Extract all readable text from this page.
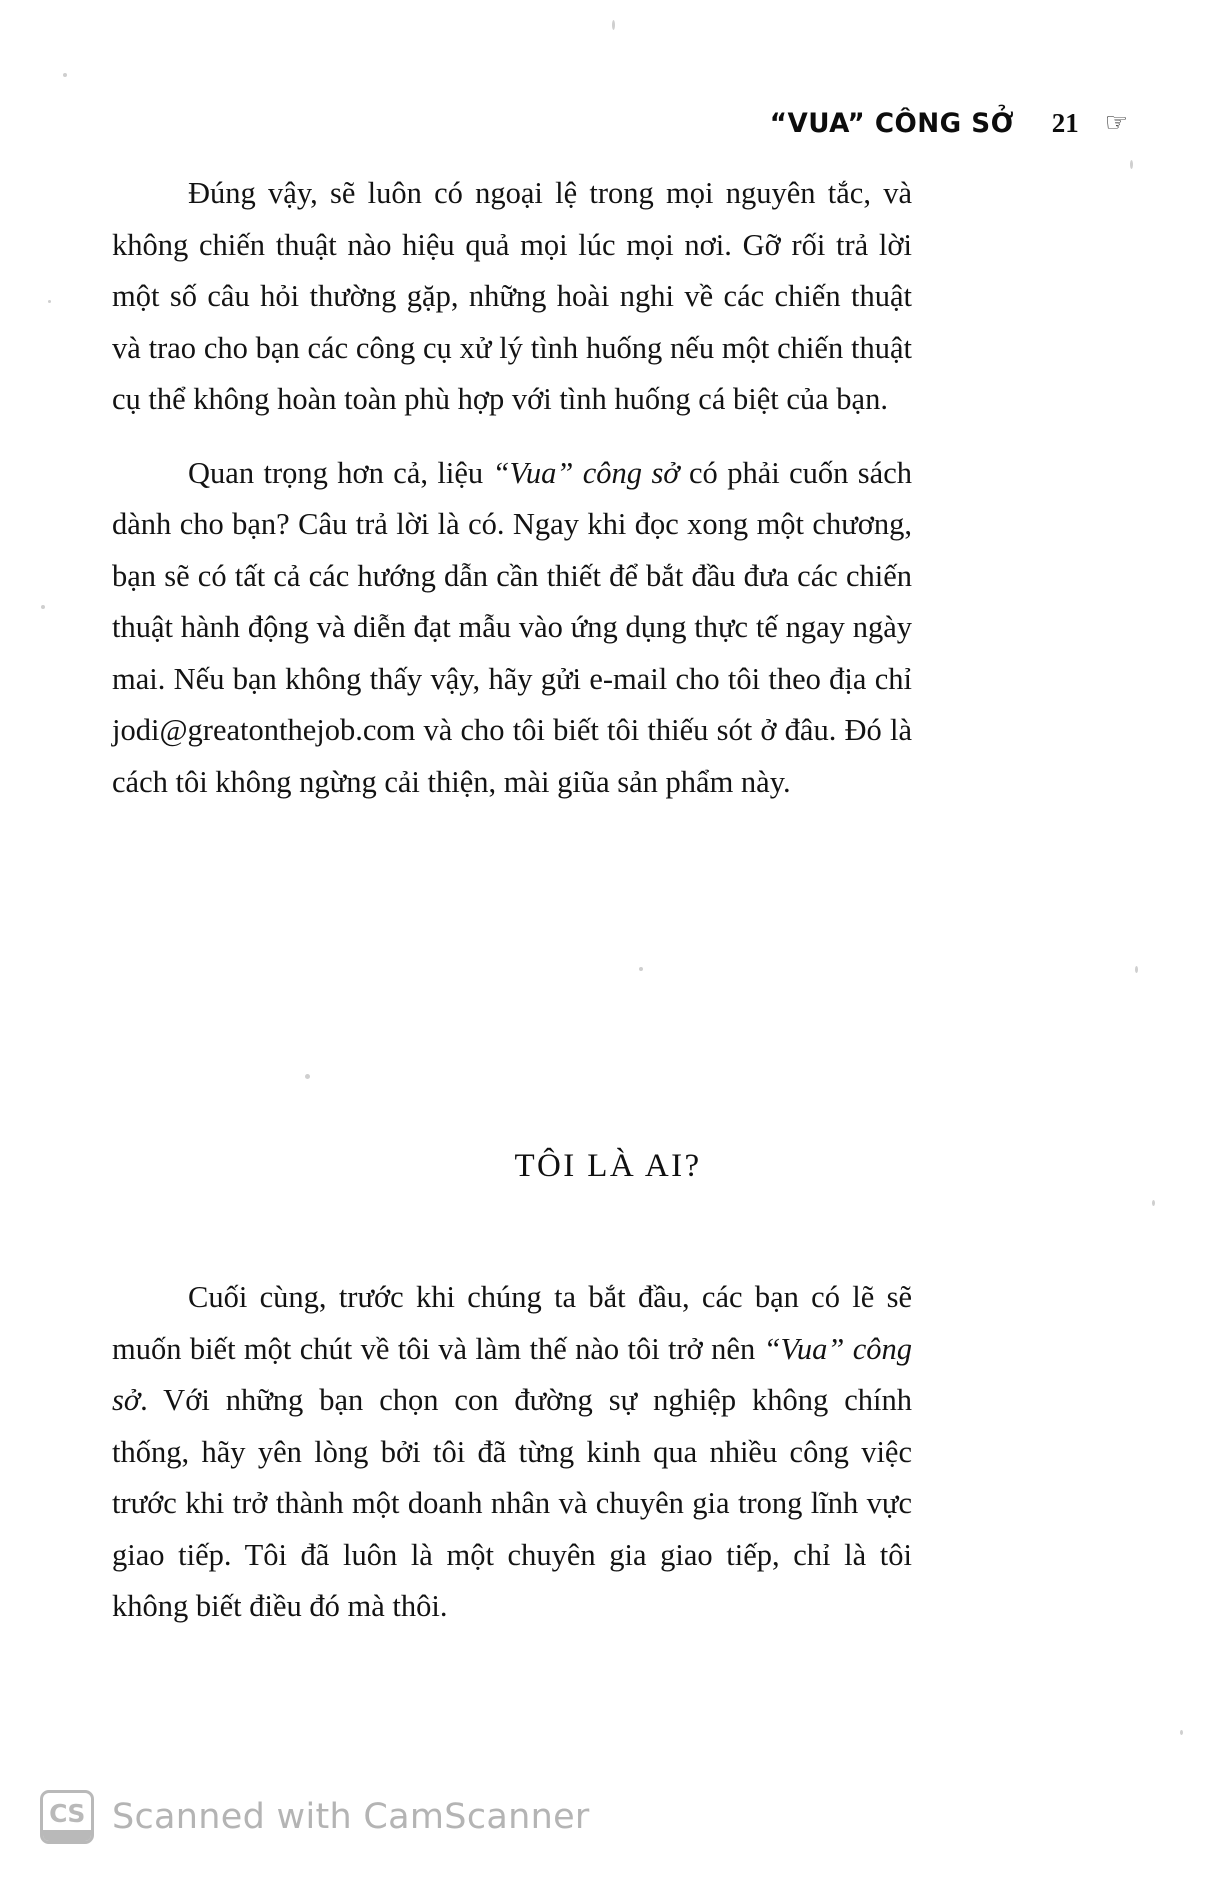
“VUA” CÔNG SỞ 21 ☞

Đúng vậy, sẽ luôn có ngoại lệ trong mọi nguyên tắc, và không chiến thuật nào hiệu quả mọi lúc mọi nơi. Gỡ rối trả lời một số câu hỏi thường gặp, những hoài nghi về các chiến thuật và trao cho bạn các công cụ xử lý tình huống nếu một chiến thuật cụ thể không hoàn toàn phù hợp với tình huống cá biệt của bạn.

Quan trọng hơn cả, liệu “Vua” công sở có phải cuốn sách dành cho bạn? Câu trả lời là có. Ngay khi đọc xong một chương, bạn sẽ có tất cả các hướng dẫn cần thiết để bắt đầu đưa các chiến thuật hành động và diễn đạt mẫu vào ứng dụng thực tế ngay ngày mai. Nếu bạn không thấy vậy, hãy gửi e-mail cho tôi theo địa chỉ jodi@greatonthejob.com và cho tôi biết tôi thiếu sót ở đâu. Đó là cách tôi không ngừng cải thiện, mài giũa sản phẩm này.

TÔI LÀ AI?

Cuối cùng, trước khi chúng ta bắt đầu, các bạn có lẽ sẽ muốn biết một chút về tôi và làm thế nào tôi trở nên “Vua” công sở. Với những bạn chọn con đường sự nghiệp không chính thống, hãy yên lòng bởi tôi đã từng kinh qua nhiều công việc trước khi trở thành một doanh nhân và chuyên gia trong lĩnh vực giao tiếp. Tôi đã luôn là một chuyên gia giao tiếp, chỉ là tôi không biết điều đó mà thôi.

CS Scanned with CamScanner
